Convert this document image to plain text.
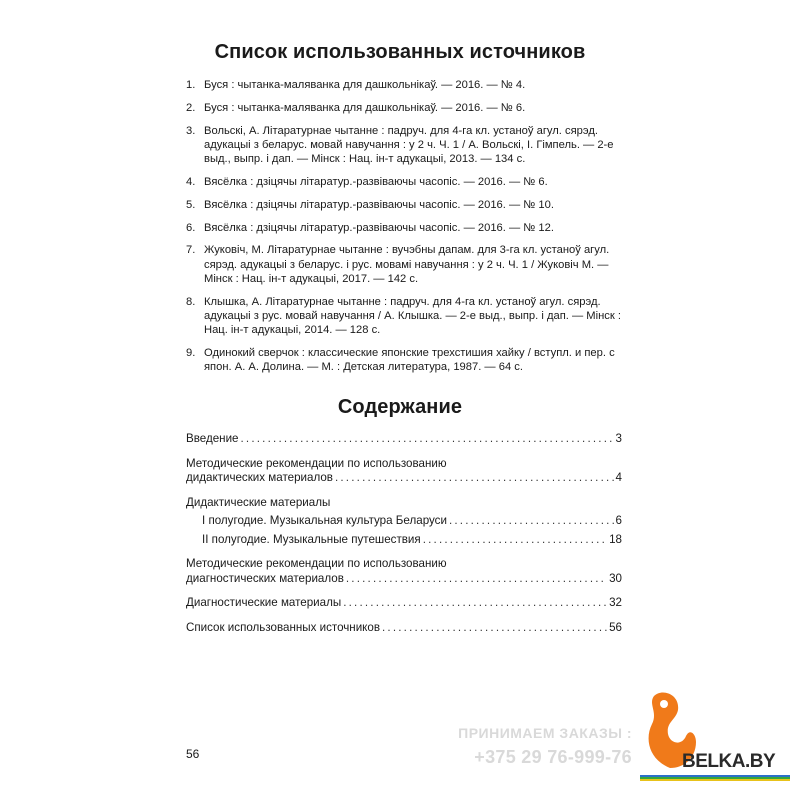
Список использованных источников
1. Буся : чытанка-маляванка для дашкольнікаў. — 2016. — № 4.
2. Буся : чытанка-маляванка для дашкольнікаў. — 2016. — № 6.
3. Вольскі, А. Літаратурнае чытанне : падруч. для 4-га кл. устаноў агул. сярэд. адукацыі з беларус. мовай навучання : у 2 ч. Ч. 1 / А. Вольскі, І. Гімпель. — 2-е выд., выпр. і дап. — Мінск : Нац. ін-т адукацыі, 2013. — 134 с.
4. Вясёлка : дзіцячы літаратур.-развіваючы часопіс. — 2016. — № 6.
5. Вясёлка : дзіцячы літаратур.-развіваючы часопіс. — 2016. — № 10.
6. Вясёлка : дзіцячы літаратур.-развіваючы часопіс. — 2016. — № 12.
7. Жуковіч, М. Літаратурнае чытанне : вучэбны дапам. для 3-га кл. устаноў агул. сярэд. адукацыі з беларус. і рус. мовамі навучання : у 2 ч. Ч. 1 / Жуковіч М. — Мінск : Нац. ін-т адукацыі, 2017. — 142 с.
8. Клышка, А. Літаратурнае чытанне : падруч. для 4-га кл. устаноў агул. сярэд. адукацыі з рус. мовай навучання / А. Клышка. — 2-е выд., выпр. і дап. — Мінск : Нац. ін-т адукацыі, 2014. — 128 с.
9. Одинокий сверчок : классические японские трехстишия хайку / вступл. и пер. с япон. А. А. Долина. — М. : Детская литература, 1987. — 64 с.
Содержание
Введение .....	3
Методические рекомендации по использованию
дидактических материалов .....	4
Дидактические материалы
I полугодие. Музыкальная культура Беларуси .....	6
II полугодие. Музыкальные путешествия .....	18
Методические рекомендации по использованию
диагностических материалов .....	30
Диагностические материалы .....	32
Список использованных источников .....	56
56
ПРИНИМАЕМ ЗАКАЗЫ :
+375 29 76-999-76	BELKA.BY
